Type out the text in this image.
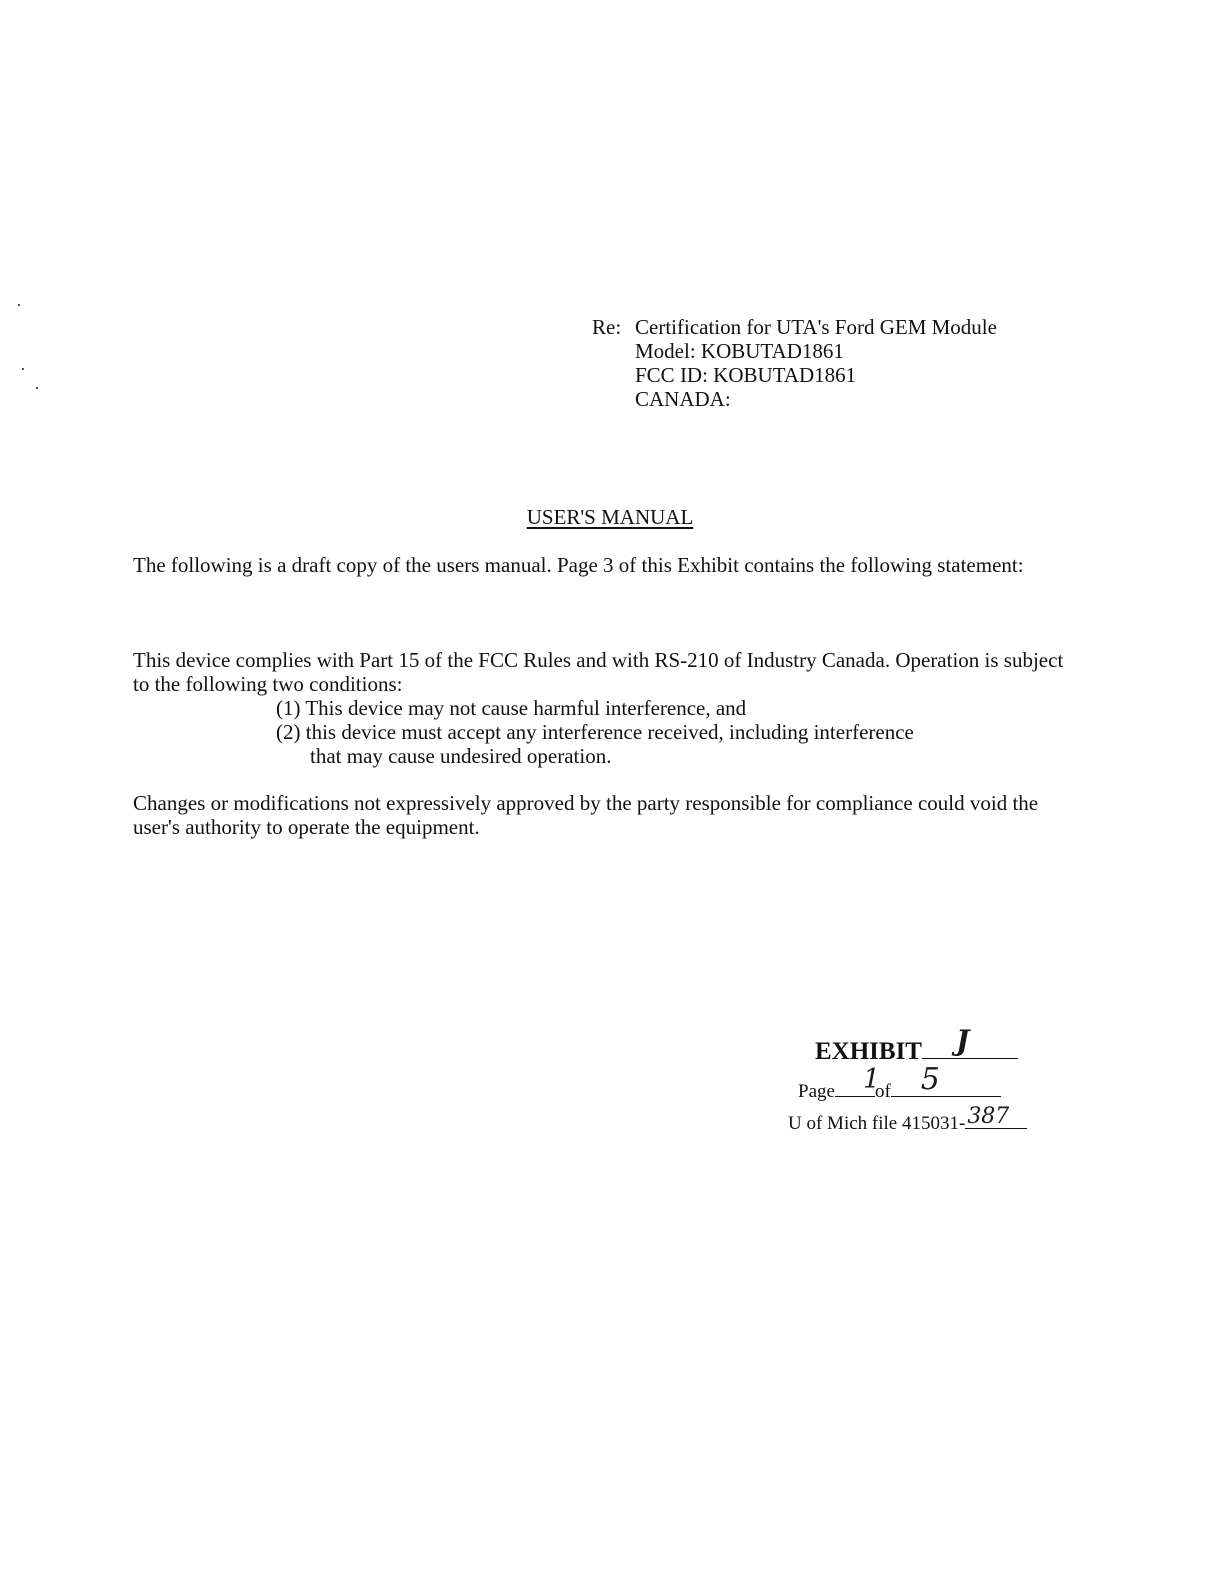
Re: Certification for UTA's Ford GEM Module
Model: KOBUTAD1861
FCC ID: KOBUTAD1861
CANADA:
USER'S MANUAL
The following is a draft copy of the users manual. Page 3 of this Exhibit contains the following statement:
This device complies with Part 15 of the FCC Rules and with RS-210 of Industry Canada. Operation is subject to the following two conditions:
(1) This device may not cause harmful interference, and
(2) this device must accept any interference received, including interference
that may cause undesired operation.
Changes or modifications not expressively approved by the party responsible for compliance could void the user's authority to operate the equipment.
EXHIBIT J
Page 1
of 5
U of Mich file 415031- 387
